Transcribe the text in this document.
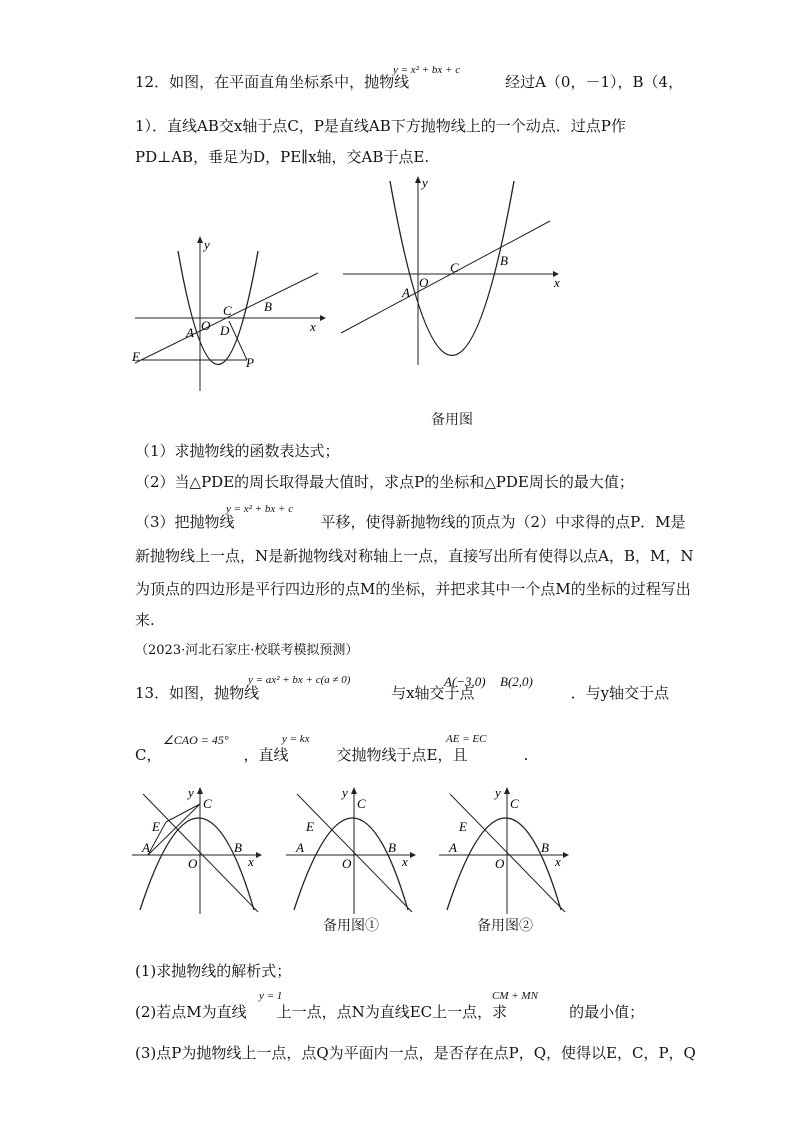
12．如图，在平面直角坐标系中，抛物线	经过A（0，－1），B（4，
y = x² + bx + c
1）．直线AB交x轴于点C，P是直线AB下方抛物线上的一个动点．过点P作
PD⊥AB，垂足为D，PE∥x轴，交AB于点E.
y
x
O
A
C
D
B
E	P
y
x
O
A
C	B
备用图
（1）求抛物线的函数表达式；
（2）当△PDE的周长取得最大值时，求点P的坐标和△PDE周长的最大值；
（3）把抛物线	平移，使得新抛物线的顶点为（2）中求得的点P．M是
y = x² + bx + c
新抛物线上一点，N是新抛物线对称轴上一点，直接写出所有使得以点A，B，M，N
为顶点的四边形是平行四边形的点M的坐标，并把求其中一个点M的坐标的过程写出
来.
（2023·河北石家庄·校联考模拟预测）
13．如图，抛物线	与x轴交于点	．与y轴交于点
y = ax² + bx + c(a ≠ 0)	A(−3,0) B(2,0)
C，	，直线	交抛物线于点E，且	.
∠CAO = 45°	y = kx	AE = EC
y
C
E
A
O
B
x
y
C
E
A
O
B
x
y
C
E
A
O
B
x
备用图①	备用图②
(1)求抛物线的解析式；
(2)若点M为直线 上一点，点N为直线EC上一点，求	的最小值；
y = 1	CM + MN
(3)点P为抛物线上一点，点Q为平面内一点，是否存在点P，Q，使得以E，C，P，Q
